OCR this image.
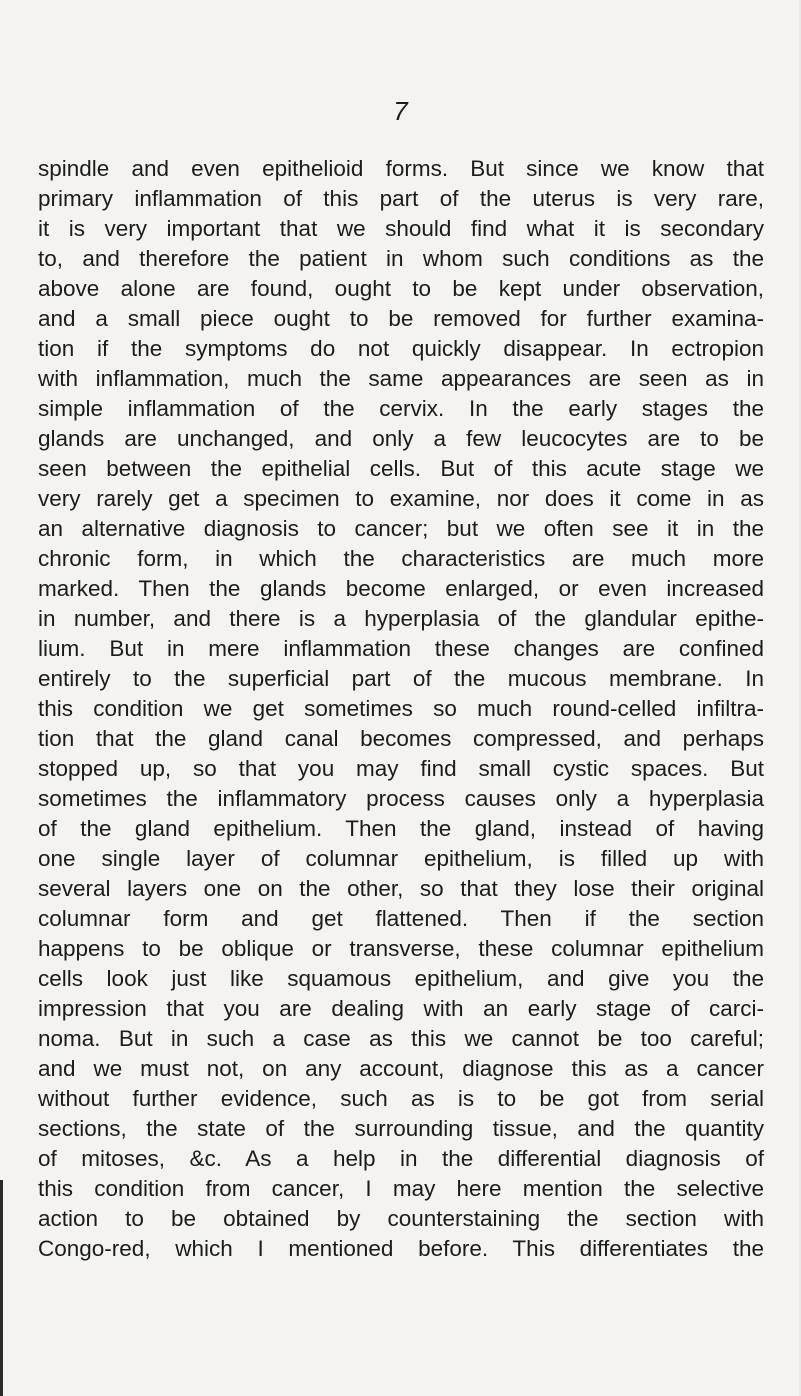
7
spindle and even epithelioid forms. But since we know that
primary inflammation of this part of the uterus is very rare,
it is very important that we should find what it is secondary
to, and therefore the patient in whom such conditions as the
above alone are found, ought to be kept under observation,
and a small piece ought to be removed for further examina-
tion if the symptoms do not quickly disappear. In ectropion
with inflammation, much the same appearances are seen as in
simple inflammation of the cervix. In the early stages the
glands are unchanged, and only a few leucocytes are to be
seen between the epithelial cells. But of this acute stage we
very rarely get a specimen to examine, nor does it come in as
an alternative diagnosis to cancer; but we often see it in the
chronic form, in which the characteristics are much more
marked. Then the glands become enlarged, or even increased
in number, and there is a hyperplasia of the glandular epithe-
lium. But in mere inflammation these changes are confined
entirely to the superficial part of the mucous membrane. In
this condition we get sometimes so much round-celled infiltra-
tion that the gland canal becomes compressed, and perhaps
stopped up, so that you may find small cystic spaces. But
sometimes the inflammatory process causes only a hyperplasia
of the gland epithelium. Then the gland, instead of having
one single layer of columnar epithelium, is filled up with
several layers one on the other, so that they lose their original
columnar form and get flattened. Then if the section
happens to be oblique or transverse, these columnar epithelium
cells look just like squamous epithelium, and give you the
impression that you are dealing with an early stage of carci-
noma. But in such a case as this we cannot be too careful;
and we must not, on any account, diagnose this as a cancer
without further evidence, such as is to be got from serial
sections, the state of the surrounding tissue, and the quantity
of mitoses, &c. As a help in the differential diagnosis of
this condition from cancer, I may here mention the selective
action to be obtained by counterstaining the section with
Congo-red, which I mentioned before. This differentiates the
